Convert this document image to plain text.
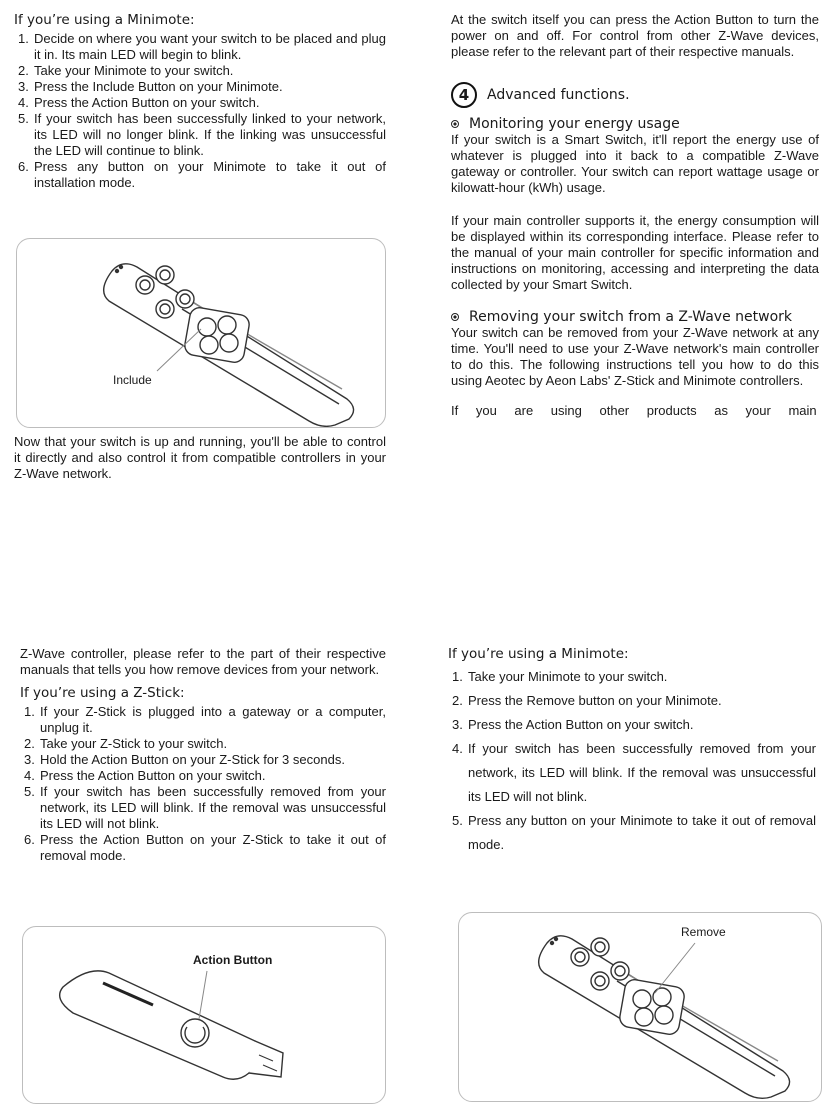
If you’re using a Minimote:
1. Decide on where you want your switch to be placed and plug it in. Its main LED will begin to blink.
2. Take your Minimote to your switch.
3. Press the Include Button on your Minimote.
4. Press the Action Button on your switch.
5. If your switch has been successfully linked to your network, its LED will no longer blink. If the linking was unsuccessful the LED will continue to blink.
6. Press any button on your Minimote to take it out of installation mode.
Include

Now that your switch is up and running, you'll be able to control it directly and also control it from compatible controllers in your Z-Wave network.

At the switch itself you can press the Action Button to turn the power on and off. For control from other Z-Wave devices, please refer to the relevant part of their respective manuals.

4	Advanced functions.
Monitoring your energy usage

If your switch is a Smart Switch, it'll report the energy use of whatever is plugged into it back to a compatible Z-Wave gateway or controller. Your switch can report wattage usage or kilowatt-hour (kWh) usage.

If your main controller supports it, the energy consumption will be displayed within its corresponding interface. Please refer to the manual of your main controller for specific information and instructions on monitoring, accessing and interpreting the data collected by your Smart Switch.

Removing your switch from a Z-Wave network

Your switch can be removed from your Z-Wave network at any time. You'll need to use your Z-Wave network's main controller to do this. The following instructions tell you how to do this using Aeotec by Aeon Labs' Z-Stick and Minimote controllers.

If you are using other products as your main

Z-Wave controller, please refer to the part of their respective manuals that tells you how remove devices from your network.

If you’re using a Z-Stick:
1. If your Z-Stick is plugged into a gateway or a computer, unplug it.
2. Take your Z-Stick to your switch.
3. Hold the Action Button on your Z-Stick for 3 seconds.
4. Press the Action Button on your switch.
5. If your switch has been successfully removed from your network, its LED will blink. If the removal was unsuccessful its LED will not blink.
6. Press the Action Button on your Z-Stick to take it out of removal mode.
Action Button
If you’re using a Minimote:
1. Take your Minimote to your switch.
2. Press the Remove button on your Minimote.
3. Press the Action Button on your switch.
4. If your switch has been successfully removed from your network, its LED will blink. If the removal was unsuccessful its LED will not blink.
5. Press any button on your Minimote to take it out of removal mode.
Remove
